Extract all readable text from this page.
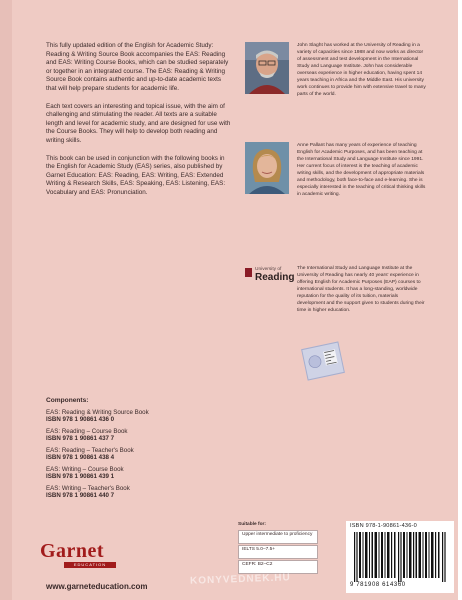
This fully updated edition of the English for Academic Study: Reading & Writing Source Book accompanies the EAS: Reading and EAS: Writing Course Books, which can be studied separately or together in an integrated course. The EAS: Reading & Writing Source Book contains authentic and up-to-date academic texts that will help prepare students for academic life.

Each text covers an interesting and topical issue, with the aim of challenging and stimulating the reader. All texts are a suitable length and level for academic study, and are designed for use with the Course Books. They will help to develop both reading and writing skills.

This book can be used in conjunction with the following books in the English for Academic Study (EAS) series, also published by Garnet Education: EAS: Reading, EAS: Writing, EAS: Extended Writing & Research Skills, EAS: Speaking, EAS: Listening, EAS: Vocabulary and EAS: Pronunciation.

John Slaght has worked at the University of Reading in a variety of capacities since 1988 and now works as director of assessment and test development in the International Study and Language Institute. John has considerable overseas experience in higher education, having spent 14 years teaching in Africa and the Middle East. His university work continues to provide him with extensive travel to many parts of the world.
Anne Pallant has many years of experience of teaching English for Academic Purposes, and has been teaching at the International Study and Language Institute since 1991. Her current focus of interest is the teaching of academic writing skills, and the development of appropriate materials and methodology, both face-to-face and e-learning. She is especially interested in the teaching of critical thinking skills in academic writing.
University of
Reading
The International Study and Language Institute at the University of Reading has nearly 40 years' experience in offering English for Academic Purposes (EAP) courses to international students. It has a long-standing, worldwide reputation for the quality of its tuition, materials development and the support given to students during their time in higher education.
Components:
EAS: Reading & Writing Source Book
ISBN 978 1 90861 436 0
EAS: Reading – Course Book
ISBN 978 1 90861 437 7
EAS: Reading – Teacher's Book
ISBN 978 1 90861 438 4
EAS: Writing – Course Book
ISBN 978 1 90861 439 1
EAS: Writing – Teacher's Book
ISBN 978 1 90861 440 7
Garnet
EDUCATION
www.garneteducation.com
Suitable for:
Upper intermediate to proficiency
IELTS 5.0–7.5+
CEFR: B2–C2
ISBN 978-1-90861-436-0
9 781908 614360
KONYVEDNEK.HU
